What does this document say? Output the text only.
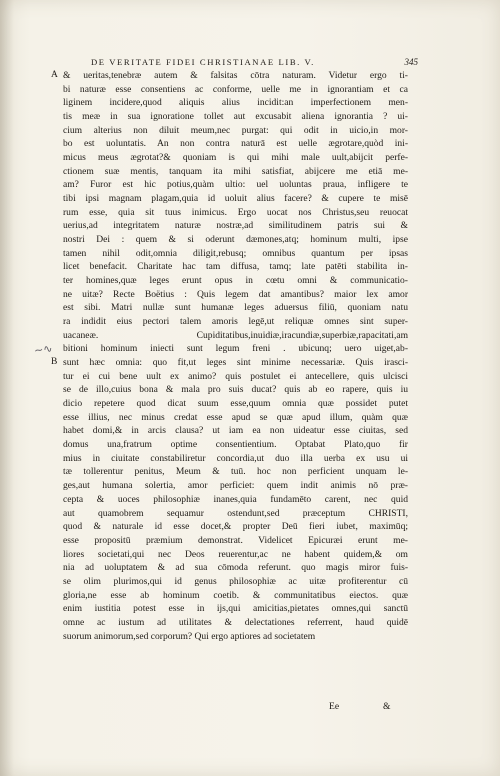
~∿
A
B
DE VERITATE FIDEI CHRISTIANAE LIB. V.	345
& ueritas,tenebræ autem & falsitas cōtra naturam. Videtur ergo ti-
bi naturæ esse consentiens ac conforme, uelle me in ignorantiam et ca
liginem incidere,quod aliquis alius incidit:an imperfectionem men-
tis meæ in sua ignoratione tollet aut excusabit aliena ignorantia ? ui-
cium alterius non diluit meum,nec purgat: qui odit in uicio,in mor-
bo est uoluntatis. An non contra naturā est uelle ægrotare,quòd ini-
micus meus ægrotat?& quoniam is qui mihi male uult,abijcit perfe-
ctionem suæ mentis, tanquam ita mihi satisfiat, abijcere me etiā me-
am? Furor est hic potius,quàm ultio: uel uoluntas praua, infligere te
tibi ipsi magnam plagam,quia id uoluit alius facere? & cupere te misē
rum esse, quia sit tuus inimicus. Ergo uocat nos Christus,seu reuocat
uerius,ad integritatem naturæ nostræ,ad similitudinem patris sui &
nostri Dei : quem & si oderunt dæmones,atq; hominum multi, ipse
tamen nihil odit,omnia diligit,rebusq; omnibus quantum per ipsas
licet benefacit. Charitate hac tam diffusa, tamq; late patēti stabilita in-
ter homines,quæ leges erunt opus in cœtu omni & communicatio-
ne uitæ? Recte Boëtius : Quis legem dat amantibus? maior lex amor
est sibi. Matri nullæ sunt humanæ leges aduersus filiū, quoniam natu
ra indidit eius pectori talem amoris legē,ut reliquæ omnes sint super-
uacaneæ. Cupiditatibus,inuidiæ,iracundiæ,superbiæ,rapacitati,am
bitioni hominum iniecti sunt legum freni . ubicunq; uero uiget,ab-
sunt hæc omnia: quo fit,ut leges sint minime necessariæ. Quis irasci-
tur ei cui bene uult ex animo? quis postulet ei antecellere, quis ulcisci
se de illo,cuius bona & mala pro suis ducat? quis ab eo rapere, quis iu
dicio repetere quod dicat suum esse,quum omnia quæ possidet putet
esse illius, nec minus credat esse apud se quæ apud illum, quàm quæ
habet domi,& in arcis clausa? ut iam ea non uideatur esse ciuitas, sed
domus una,fratrum optime consentientium. Optabat Plato,quo fir
mius in ciuitate constabiliretur concordia,ut duo illa uerba ex usu ui
tæ tollerentur penitus, Meum & tuū. hoc non perficient unquam le-
ges,aut humana solertia, amor perficiet: quem indit animis nō præ-
cepta & uoces philosophiæ inanes,quia fundamēto carent, nec quid
aut quamobrem sequamur ostendunt,sed præceptum CHRISTI,
quod & naturale id esse docet,& propter Deū fieri iubet, maximūq;
esse propositū præmium demonstrat. Videlicet Epicuræi erunt me-
liores societati,qui nec Deos reuerentur,ac ne habent quidem,& om
nia ad uoluptatem & ad sua cōmoda referunt. quo magis miror fuis-
se olim plurimos,qui id genus philosophiæ ac uitæ profiterentur cū
gloria,ne esse ab hominum coetib. & communitatibus eiectos. quæ
enim iustitia potest esse in ijs,qui amicitias,pietates omnes,qui sanctū
omne ac iustum ad utilitates & delectationes referrent, haud quidē
suorum animorum,sed corporum? Qui ergo aptiores ad societatem
Ee	&
